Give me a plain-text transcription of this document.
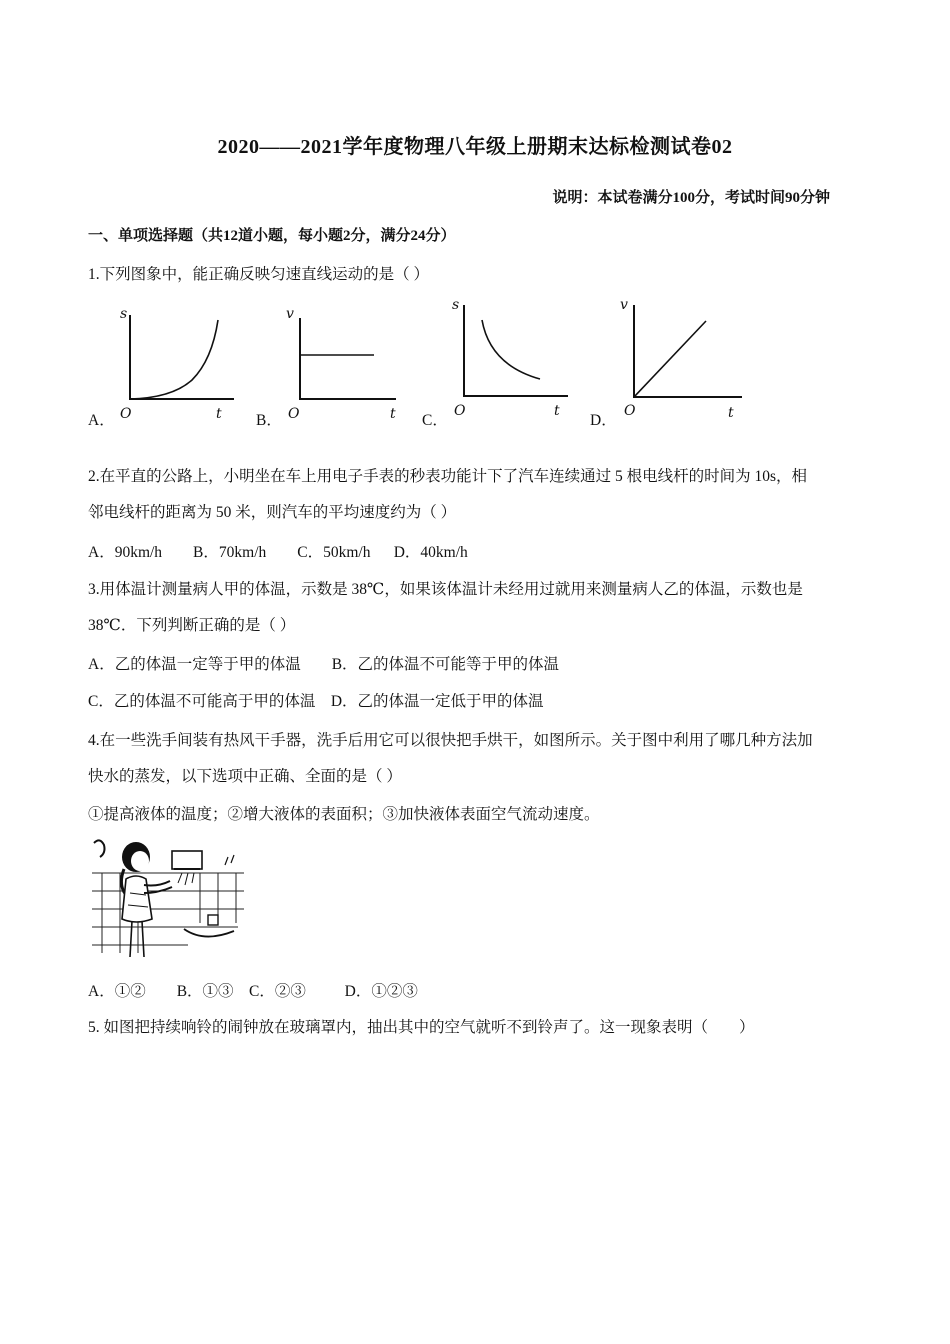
2020——2021学年度物理八年级上册期末达标检测试卷02
说明：本试卷满分100分，考试时间90分钟
一、单项选择题（共12道小题，每小题2分，满分24分）
1.下列图象中，能正确反映匀速直线运动的是（ ）
A．
s
O	t B．
v
O	t C．
s
O	t
D．
v
O	t
2.在平直的公路上，小明坐在车上用电子手表的秒表功能计下了汽车连续通过 5 根电线杆的时间为 10s，相
邻电线杆的距离为 50 米，则汽车的平均速度约为（ ）
A．90km/h        B．70km/h        C．50km/h      D．40km/h
3.用体温计测量病人甲的体温，示数是 38℃，如果该体温计未经用过就用来测量病人乙的体温，示数也是
38℃．下列判断正确的是（ ）
A．乙的体温一定等于甲的体温        B．乙的体温不可能等于甲的体温
C．乙的体温不可能高于甲的体温    D．乙的体温一定低于甲的体温
4.在一些洗手间装有热风干手器，洗手后用它可以很快把手烘干，如图所示。关于图中利用了哪几种方法加
快水的蒸发，以下选项中正确、全面的是（ ）
①提高液体的温度；②增大液体的表面积；③加快液体表面空气流动速度。
A．①②        B．①③    C．②③          D．①②③
5. 如图把持续响铃的闹钟放在玻璃罩内，抽出其中的空气就听不到铃声了。这一现象表明（        ）
